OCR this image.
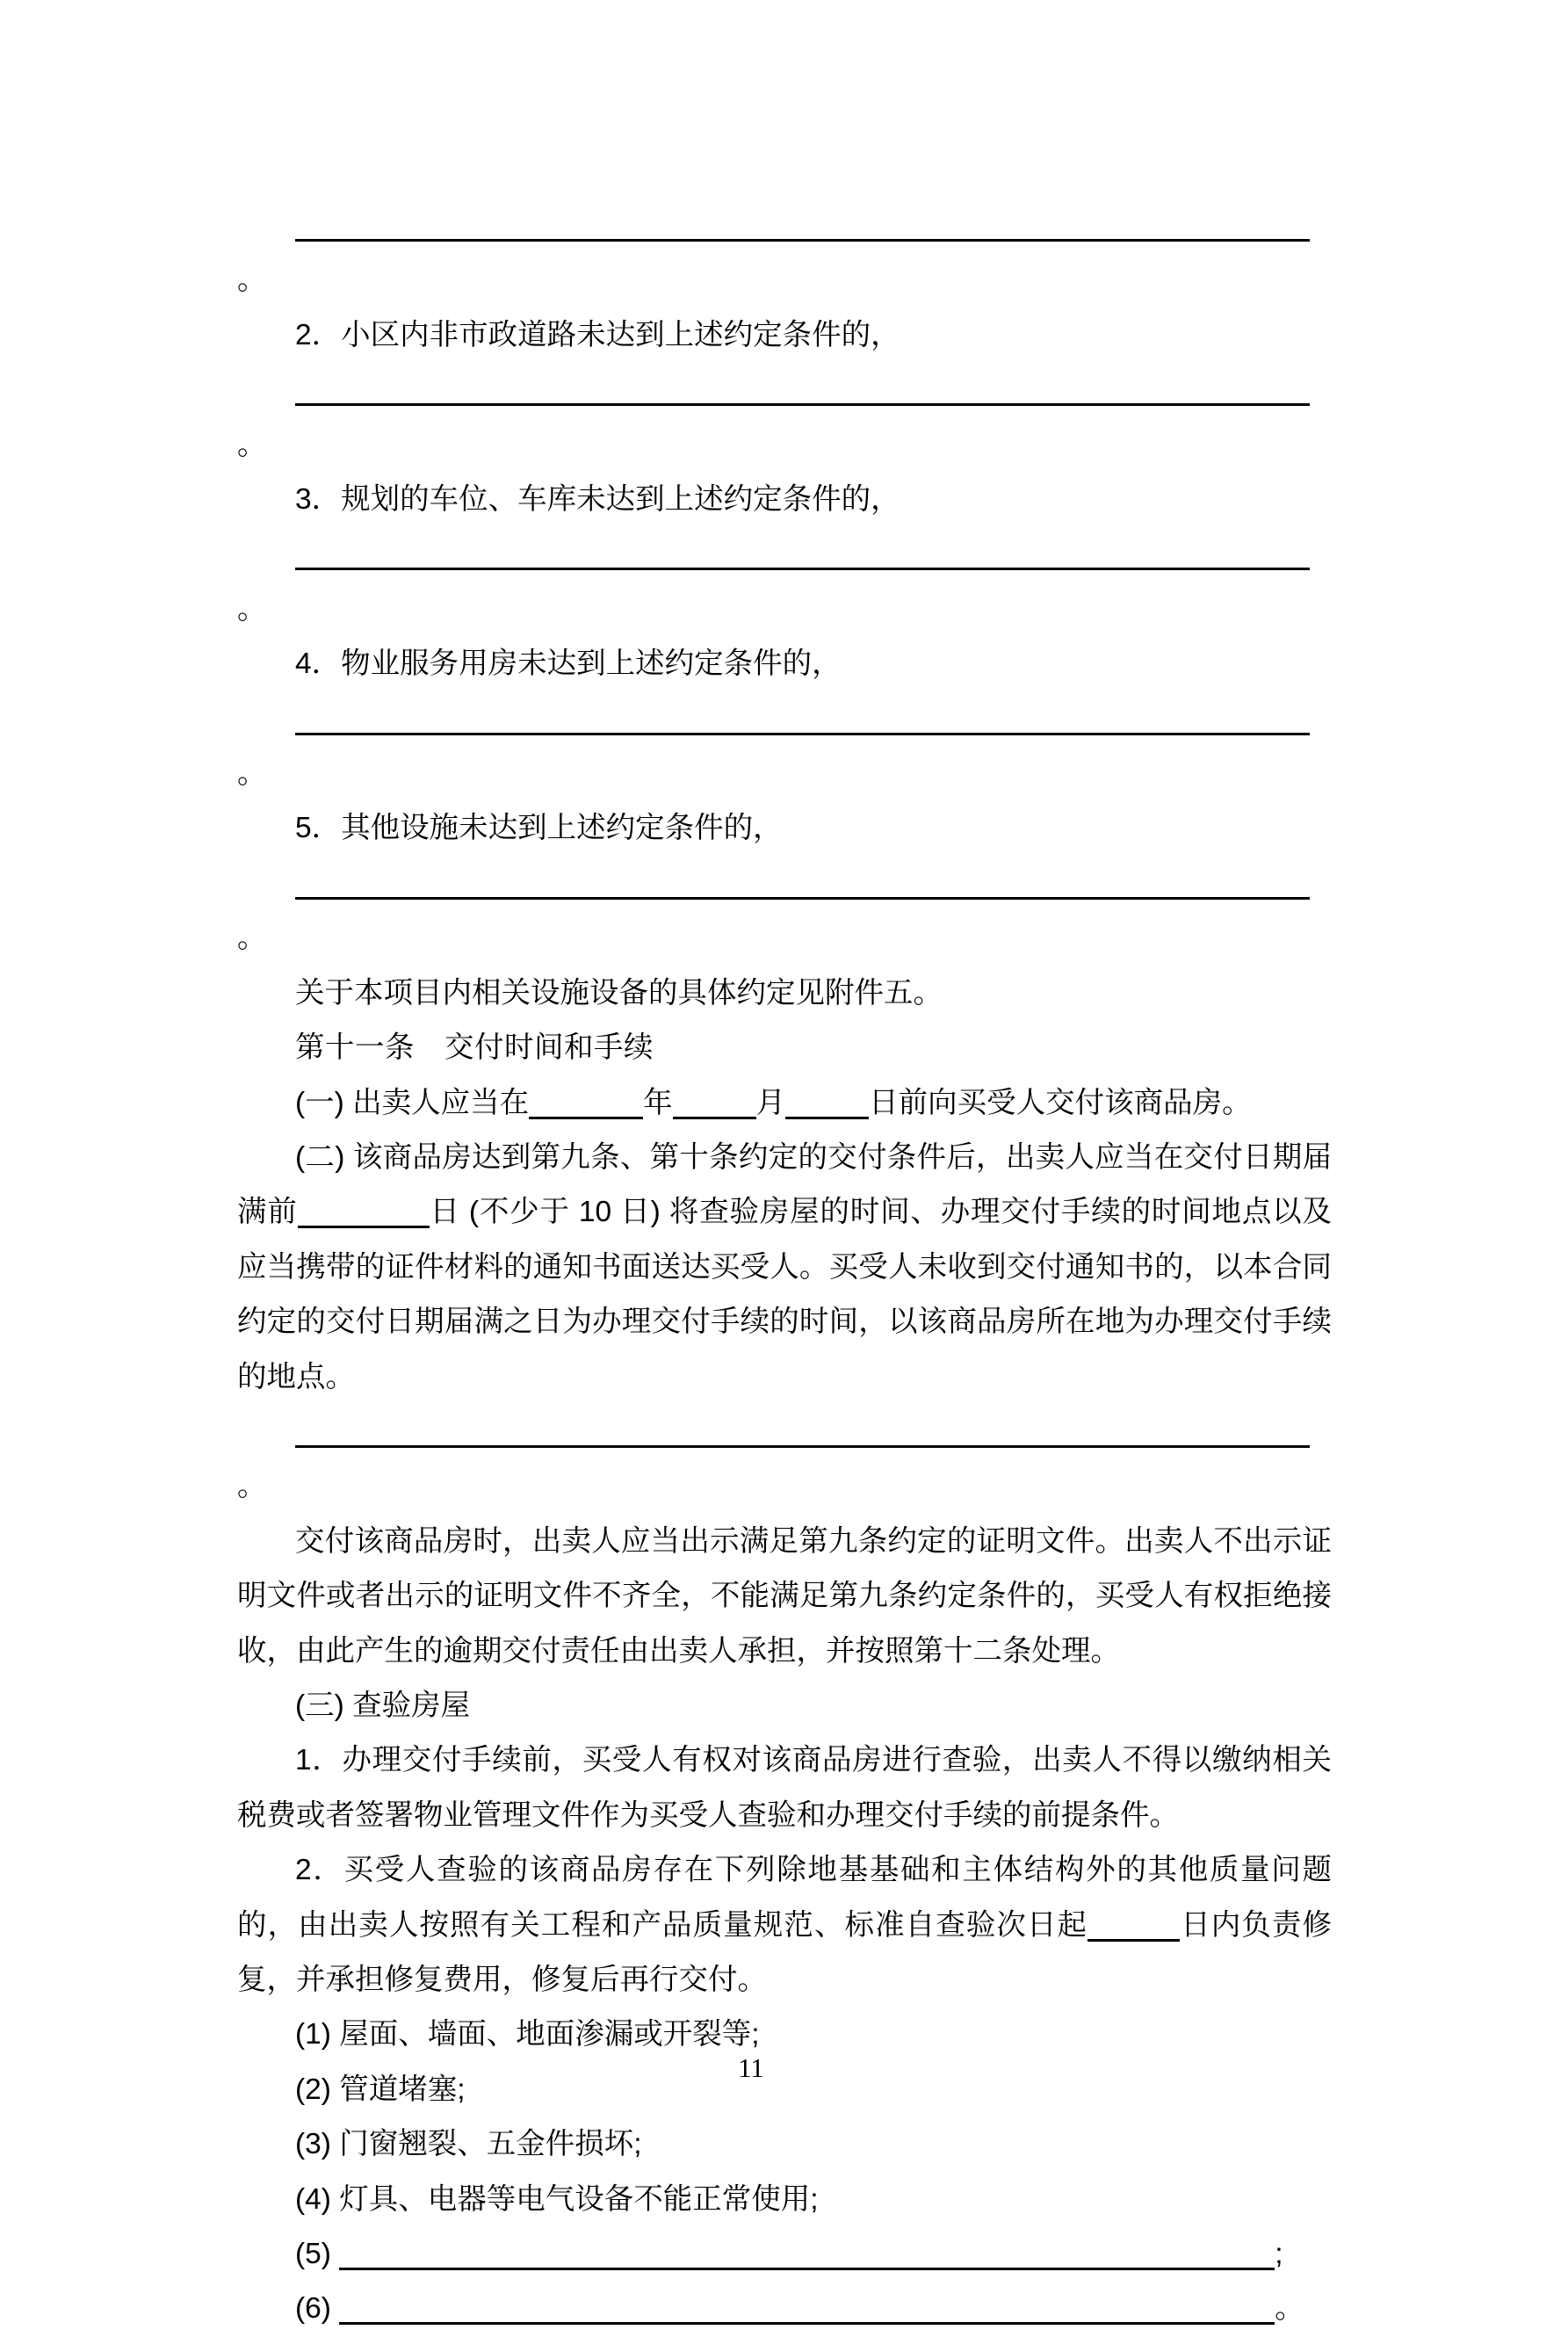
。
2．小区内非市政道路未达到上述约定条件的，
。
3．规划的车位、车库未达到上述约定条件的，
。
4．物业服务用房未达到上述约定条件的，
。
5．其他设施未达到上述约定条件的，
。
关于本项目内相关设施设备的具体约定见附件五。
第十一条　交付时间和手续
(一) 出卖人应当在	年	月	日前向买受人交付该商品房。
(二) 该商品房达到第九条、第十条约定的交付条件后，出卖人应当在交付日期届满前	日 (不少于 10 日) 将查验房屋的时间、办理交付手续的时间地点以及应当携带的证件材料的通知书面送达买受人。买受人未收到交付通知书的，以本合同约定的交付日期届满之日为办理交付手续的时间，以该商品房所在地为办理交付手续的地点。
。
交付该商品房时，出卖人应当出示满足第九条约定的证明文件。出卖人不出示证明文件或者出示的证明文件不齐全，不能满足第九条约定条件的，买受人有权拒绝接收，由此产生的逾期交付责任由出卖人承担，并按照第十二条处理。
(三) 查验房屋
1．办理交付手续前，买受人有权对该商品房进行查验，出卖人不得以缴纳相关税费或者签署物业管理文件作为买受人查验和办理交付手续的前提条件。
2．买受人查验的该商品房存在下列除地基基础和主体结构外的其他质量问题的，由出卖人按照有关工程和产品质量规范、标准自查验次日起	日内负责修复，并承担修复费用，修复后再行交付。
(1) 屋面、墙面、地面渗漏或开裂等;
(2) 管道堵塞;
(3) 门窗翘裂、五金件损坏;
(4) 灯具、电器等电气设备不能正常使用;
(5)	;
(6)	。
11
